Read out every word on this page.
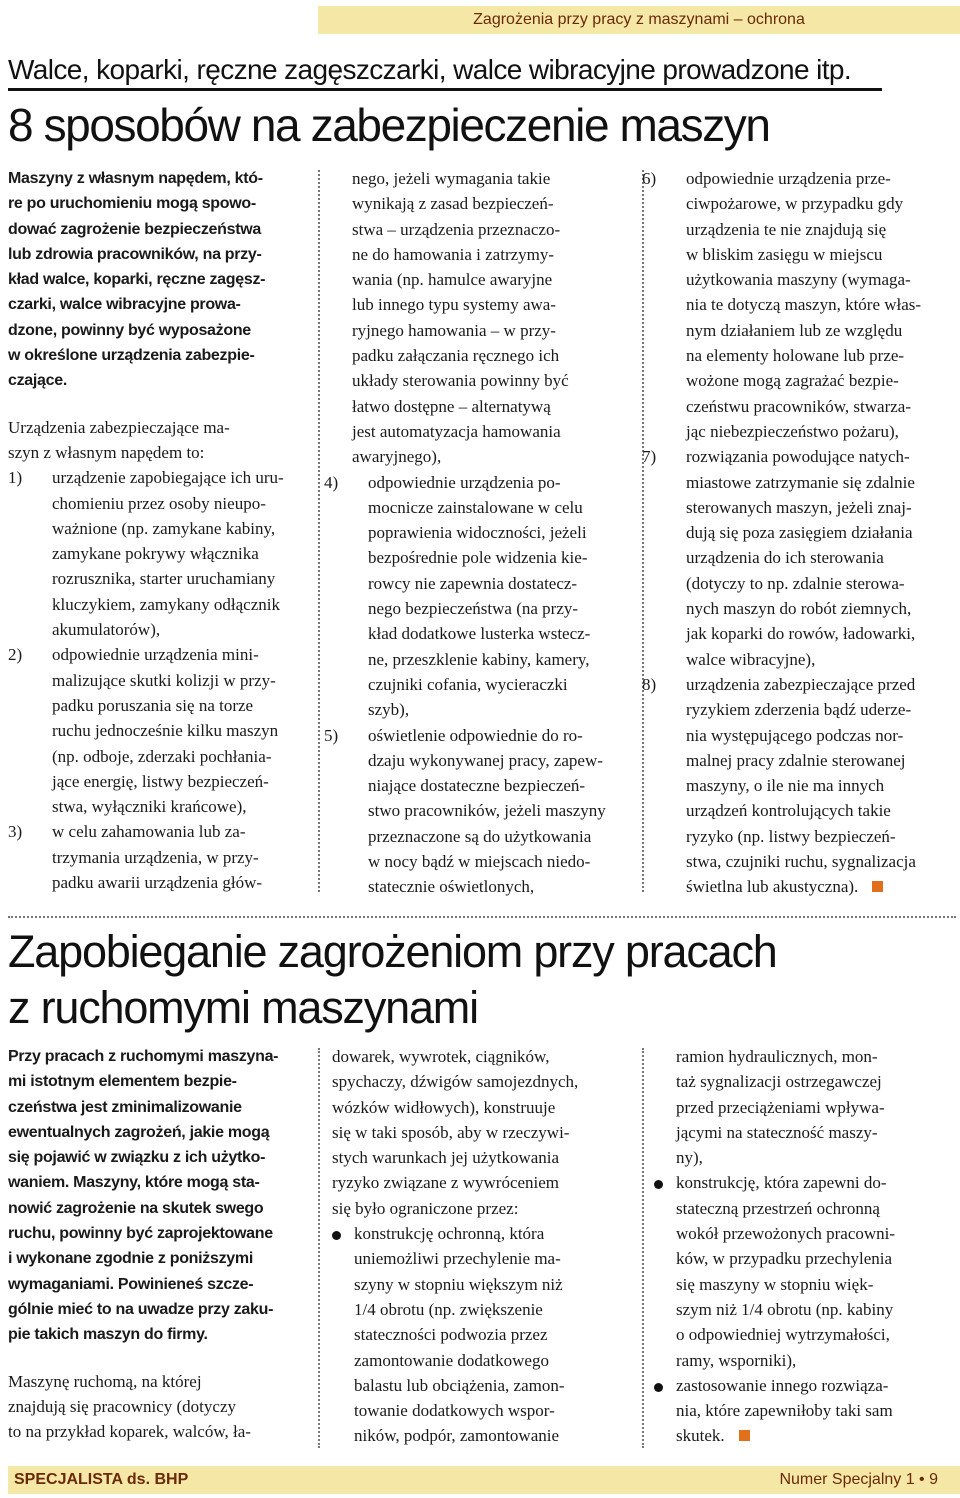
Zagrożenia przy pracy z maszynami – ochrona
Walce, koparki, ręczne zagęszczarki, walce wibracyjne prowadzone itp.
8 sposobów na zabezpieczenie maszyn
Maszyny z własnym napędem, któ-
re po uruchomieniu mogą spowo-
dować zagrożenie bezpieczeństwa
lub zdrowia pracowników, na przy-
kład walce, koparki, ręczne zagęsz-
czarki, walce wibracyjne prowa-
dzone, powinny być wyposażone
w określone urządzenia zabezpie-
czające.
Urządzenia zabezpieczające ma-
szyn z własnym napędem to:
1) urządzenie zapobiegające ich uru-
chomieniu przez osoby nieupo-
ważnione (np. zamykane kabiny,
zamykane pokrywy włącznika
rozrusznika, starter uruchamiany
kluczykiem, zamykany odłącznik
akumulatorów),
2) odpowiednie urządzenia mini-
malizujące skutki kolizji w przy-
padku poruszania się na torze
ruchu jednocześnie kilku maszyn
(np. odboje, zderzaki pochłania-
jące energię, listwy bezpieczeń-
stwa, wyłączniki krańcowe),
3) w celu zahamowania lub za-
trzymania urządzenia, w przy-
padku awarii urządzenia głów-
nego, jeżeli wymagania takie
wynikają z zasad bezpieczeń-
stwa – urządzenia przeznaczo-
ne do hamowania i zatrzymy-
wania (np. hamulce awaryjne
lub innego typu systemy awa-
ryjnego hamowania – w przy-
padku załączania ręcznego ich
układy sterowania powinny być
łatwo dostępne – alternatywą
jest automatyzacja hamowania
awaryjnego),
4) odpowiednie urządzenia po-
mocnicze zainstalowane w celu
poprawienia widoczności, jeżeli
bezpośrednie pole widzenia kie-
rowcy nie zapewnia dostatecz-
nego bezpieczeństwa (na przy-
kład dodatkowe lusterka wstecz-
ne, przeszklenie kabiny, kamery,
czujniki cofania, wycieraczki
szyb),
5) oświetlenie odpowiednie do ro-
dzaju wykonywanej pracy, zapew-
niające dostateczne bezpieczeń-
stwo pracowników, jeżeli maszyny
przeznaczone są do użytkowania
w nocy bądź w miejscach niedo-
statecznie oświetlonych,
6) odpowiednie urządzenia prze-
ciwpożarowe, w przypadku gdy
urządzenia te nie znajdują się
w bliskim zasięgu w miejscu
użytkowania maszyny (wymaga-
nia te dotyczą maszyn, które włas-
nym działaniem lub ze względu
na elementy holowane lub prze-
wożone mogą zagrażać bezpie-
czeństwu pracowników, stwarza-
jąc niebezpieczeństwo pożaru),
7) rozwiązania powodujące natych-
miastowe zatrzymanie się zdalnie
sterowanych maszyn, jeżeli znaj-
dują się poza zasięgiem działania
urządzenia do ich sterowania
(dotyczy to np. zdalnie sterowa-
nych maszyn do robót ziemnych,
jak koparki do rowów, ładowarki,
walce wibracyjne),
8) urządzenia zabezpieczające przed
ryzykiem zderzenia bądź uderze-
nia występującego podczas nor-
malnej pracy zdalnie sterowanej
maszyny, o ile nie ma innych
urządzeń kontrolujących takie
ryzyko (np. listwy bezpieczeń-
stwa, czujniki ruchu, sygnalizacja
świetlna lub akustyczna).
Zapobieganie zagrożeniom przy pracach
z ruchomymi maszynami
Przy pracach z ruchomymi maszyna-
mi istotnym elementem bezpie-
czeństwa jest zminimalizowanie
ewentualnych zagrożeń, jakie mogą
się pojawić w związku z ich użytko-
waniem. Maszyny, które mogą sta-
nowić zagrożenie na skutek swego
ruchu, powinny być zaprojektowane
i wykonane zgodnie z poniższymi
wymaganiami. Powinieneś szcze-
gólnie mieć to na uwadze przy zaku-
pie takich maszyn do firmy.
Maszynę ruchomą, na której
znajdują się pracownicy (dotyczy
to na przykład koparek, walców, ła-
dowarek, wywrotek, ciągników,
spychaczy, dźwigów samojezdnych,
wózków widłowych), konstruuje
się w taki sposób, aby w rzeczywi-
stych warunkach jej użytkowania
ryzyko związane z wywróceniem
się było ograniczone przez:
konstrukcję ochronną, która
uniemożliwi przechylenie ma-
szyny w stopniu większym niż
1/4 obrotu (np. zwiększenie
stateczności podwozia przez
zamontowanie dodatkowego
balastu lub obciążenia, zamon-
towanie dodatkowych wspor-
ników, podpór, zamontowanie
ramion hydraulicznych, mon-
taż sygnalizacji ostrzegawczej
przed przeciążeniami wpływa-
jącymi na stateczność maszy-
ny),
konstrukcję, która zapewni do-
stateczną przestrzeń ochronną
wokół przewożonych pracowni-
ków, w przypadku przechylenia
się maszyny w stopniu więk-
szym niż 1/4 obrotu (np. kabiny
o odpowiedniej wytrzymałości,
ramy, wsporniki),
zastosowanie innego rozwiąza-
nia, które zapewniłoby taki sam
skutek.
SPECJALISTA ds. BHP	Numer Specjalny 1 • 9
